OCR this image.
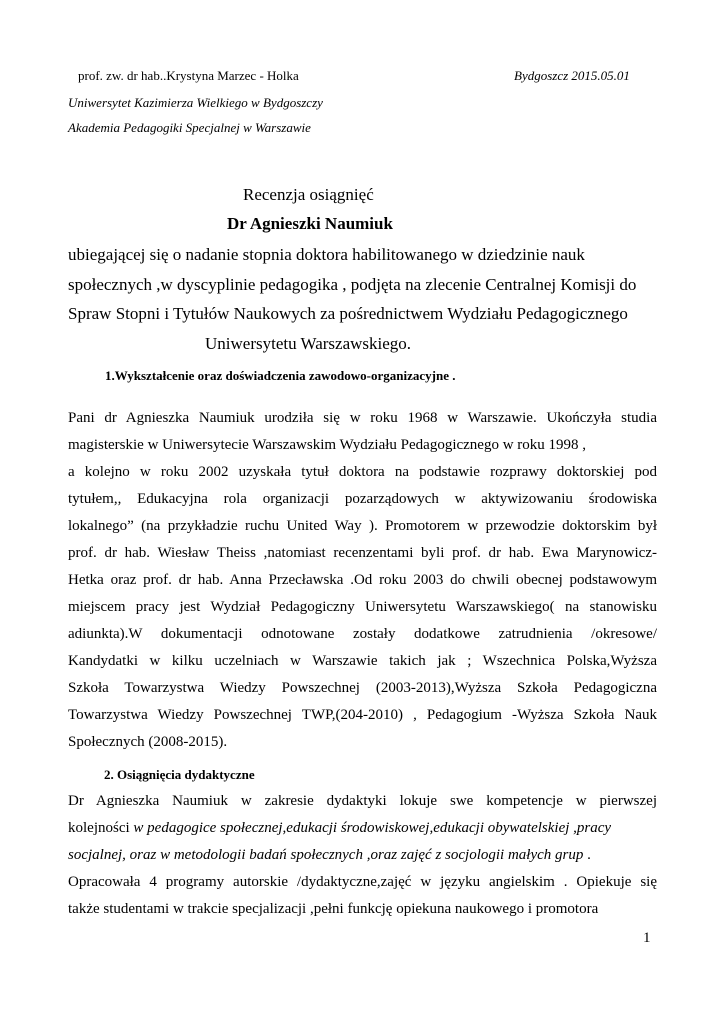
prof. zw. dr hab..Krystyna Marzec - Holka	Bydgoszcz 2015.05.01
Uniwersytet Kazimierza Wielkiego w Bydgoszczy
Akademia Pedagogiki Specjalnej w Warszawie
Recenzja osiągnięć
Dr Agnieszki Naumiuk
ubiegającej się o nadanie stopnia doktora habilitowanego w dziedzinie nauk
społecznych ,w dyscyplinie pedagogika , podjęta na zlecenie Centralnej Komisji do
Spraw Stopni i Tytułów Naukowych za pośrednictwem Wydziału Pedagogicznego
Uniwersytetu Warszawskiego.
1.Wykształcenie oraz doświadczenia zawodowo-organizacyjne .
Pani dr Agnieszka Naumiuk urodziła się w roku 1968 w Warszawie. Ukończyła studia
magisterskie w Uniwersytecie Warszawskim Wydziału Pedagogicznego w roku 1998 ,
a kolejno w roku 2002 uzyskała tytuł doktora na podstawie rozprawy doktorskiej pod
tytułem,, Edukacyjna rola organizacji pozarządowych w aktywizowaniu środowiska
lokalnego” (na przykładzie ruchu United Way ). Promotorem w przewodzie doktorskim był
prof. dr hab. Wiesław Theiss ,natomiast recenzentami byli prof. dr hab. Ewa Marynowicz-
Hetka oraz prof. dr hab. Anna Przecławska .Od roku 2003 do chwili obecnej podstawowym
miejscem pracy jest Wydział Pedagogiczny Uniwersytetu Warszawskiego( na stanowisku
adiunkta).W dokumentacji odnotowane zostały dodatkowe zatrudnienia /okresowe/
Kandydatki w kilku uczelniach w Warszawie takich jak ; Wszechnica Polska,Wyższa
Szkoła Towarzystwa Wiedzy Powszechnej (2003-2013),Wyższa Szkoła Pedagogiczna
Towarzystwa Wiedzy Powszechnej TWP,(204-2010) , Pedagogium -Wyższa Szkoła Nauk
Społecznych (2008-2015).
2. Osiągnięcia dydaktyczne
Dr Agnieszka Naumiuk w zakresie dydaktyki lokuje swe kompetencje w pierwszej
kolejności w pedagogice społecznej,edukacji środowiskowej,edukacji obywatelskiej ,pracy
socjalnej, oraz w metodologii badań społecznych ,oraz zajęć z socjologii małych grup .
Opracowała 4 programy autorskie /dydaktyczne,zajęć w języku angielskim . Opiekuje się
także studentami w trakcie specjalizacji ,pełni funkcję opiekuna naukowego i promotora
1
